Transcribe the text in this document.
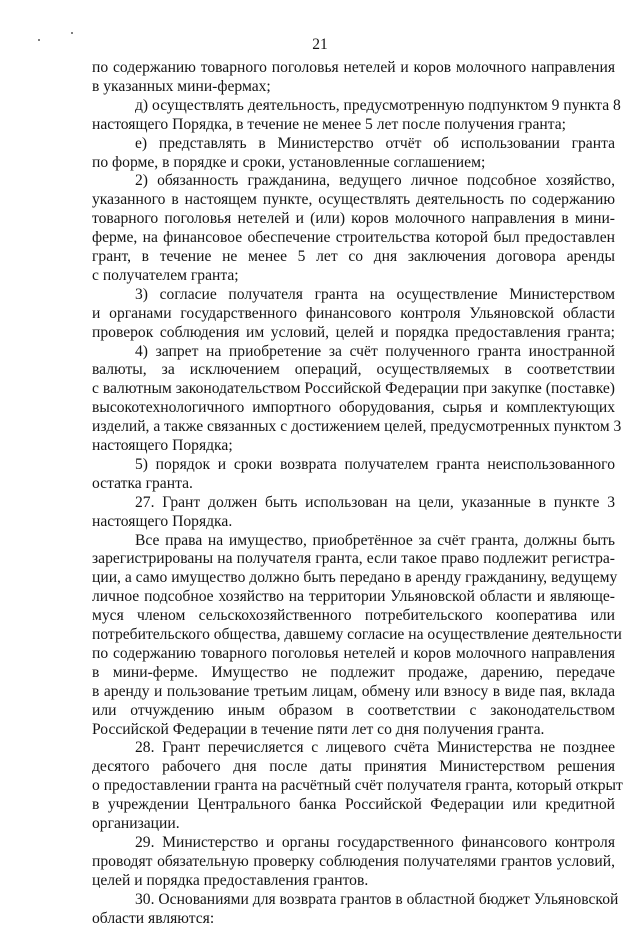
21
по содержанию товарного поголовья нетелей и коров молочного направления
в указанных мини-фермах;
д) осуществлять деятельность, предусмотренную подпунктом 9 пункта 8
настоящего Порядка, в течение не менее 5 лет после получения гранта;
е) представлять в Министерство отчёт об использовании гранта
по форме, в порядке и сроки, установленные соглашением;
2) обязанность гражданина, ведущего личное подсобное хозяйство,
указанного в настоящем пункте, осуществлять деятельность по содержанию
товарного поголовья нетелей и (или) коров молочного направления в мини-
ферме, на финансовое обеспечение строительства которой был предоставлен
грант, в течение не менее 5 лет со дня заключения договора аренды
с получателем гранта;
3) согласие получателя гранта на осуществление Министерством
и органами государственного финансового контроля Ульяновской области
проверок соблюдения им условий, целей и порядка предоставления гранта;
4) запрет на приобретение за счёт полученного гранта иностранной
валюты, за исключением операций, осуществляемых в соответствии
с валютным законодательством Российской Федерации при закупке (поставке)
высокотехнологичного импортного оборудования, сырья и комплектующих
изделий, а также связанных с достижением целей, предусмотренных пунктом 3
настоящего Порядка;
5) порядок и сроки возврата получателем гранта неиспользованного
остатка гранта.
27. Грант должен быть использован на цели, указанные в пункте 3
настоящего Порядка.
Все права на имущество, приобретённое за счёт гранта, должны быть
зарегистрированы на получателя гранта, если такое право подлежит регистра-
ции, а само имущество должно быть передано в аренду гражданину, ведущему
личное подсобное хозяйство на территории Ульяновской области и являюще-
муся членом сельскохозяйственного потребительского кооператива или
потребительского общества, давшему согласие на осуществление деятельности
по содержанию товарного поголовья нетелей и коров молочного направления
в мини-ферме. Имущество не подлежит продаже, дарению, передаче
в аренду и пользование третьим лицам, обмену или взносу в виде пая, вклада
или отчуждению иным образом в соответствии с законодательством
Российской Федерации в течение пяти лет со дня получения гранта.
28. Грант перечисляется с лицевого счёта Министерства не позднее
десятого рабочего дня после даты принятия Министерством решения
о предоставлении гранта на расчётный счёт получателя гранта, который открыт
в учреждении Центрального банка Российской Федерации или кредитной
организации.
29. Министерство и органы государственного финансового контроля
проводят обязательную проверку соблюдения получателями грантов условий,
целей и порядка предоставления грантов.
30. Основаниями для возврата грантов в областной бюджет Ульяновской
области являются:
